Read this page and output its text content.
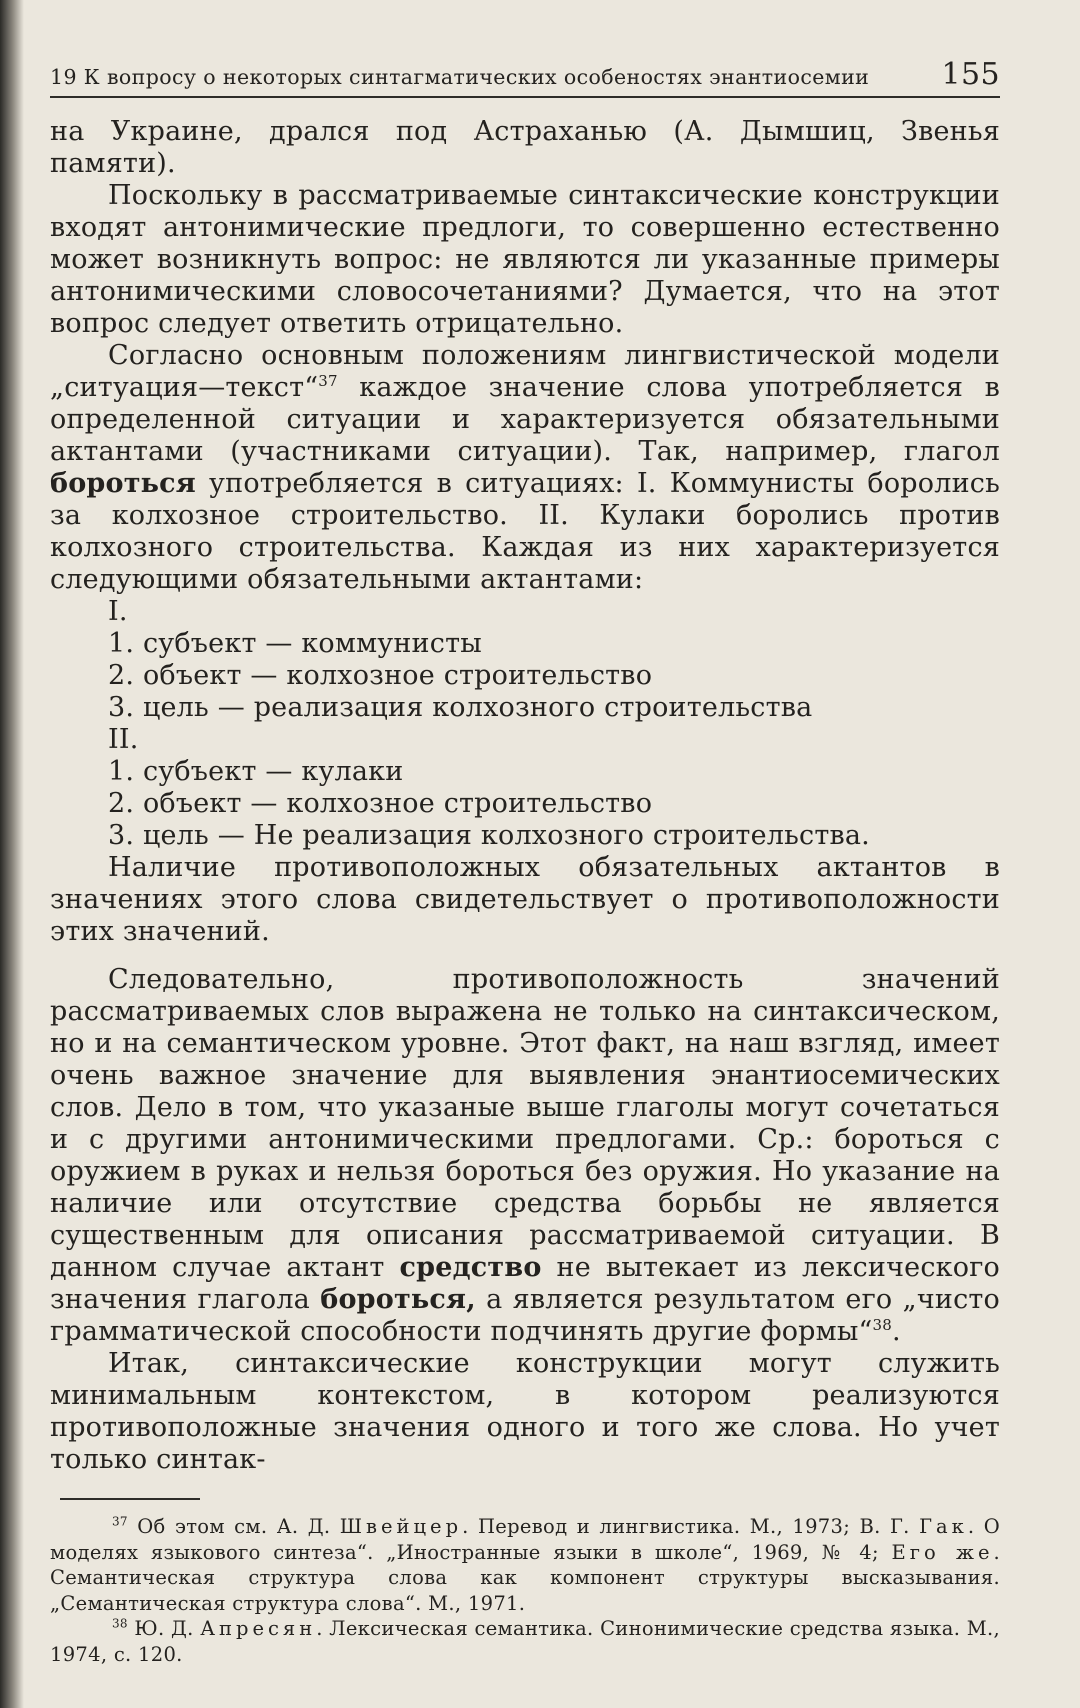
19 К вопросу о некоторых синтагматических особеностях энантиосемии 155

на Украине, дрался под Астраханью (А. Дымшиц, Звенья памяти).

Поскольку в рассматриваемые синтаксические конструкции входят антонимические предлоги, то совершенно естественно может возникнуть вопрос: не являются ли указанные примеры антонимическими словосочетаниями? Думается, что на этот вопрос следует ответить отрицательно.

Согласно основным положениям лингвистической модели „ситуация—текст“$^{37}$ каждое значение слова употребляется в определенной ситуации и характеризуется обязательными актантами (участниками ситуации). Так, например, глагол бороться употребляется в ситуациях: I. Коммунисты боролись за колхозное строительство. II. Кулаки боролись против колхозного строительства. Каждая из них характеризуется следующими обязательными актантами:

I.
1. субъект — коммунисты
2. объект — колхозное строительство
3. цель — реализация колхозного строительства
II.
1. субъект — кулаки
2. объект — колхозное строительство
3. цель — Не реализация колхозного строительства.

Наличие противоположных обязательных актантов в значениях этого слова свидетельствует о противоположности этих значений.

Следовательно, противоположность значений рассматриваемых слов выражена не только на синтаксическом, но и на семантическом уровне. Этот факт, на наш взгляд, имеет очень важное значение для выявления энантиосемических слов. Дело в том, что указаные выше глаголы могут сочетаться и с другими антонимическими предлогами. Ср.: бороться с оружием в руках и нельзя бороться без оружия. Но указание на наличие или отсутствие средства борьбы не является существенным для описания рассматриваемой ситуации. В данном случае актант средство не вытекает из лексического значения глагола бороться, а является результатом его „чисто грамматической способности подчинять другие формы“$^{38}$.

Итак, синтаксические конструкции могут служить минимальным контекстом, в котором реализуются противоположные значения одного и того же слова. Но учет только синтак-

$^{37}$ Об этом см. А. Д. Швейцер. Перевод и лингвистика. М., 1973; В. Г. Гак. О моделях языкового синтеза“. „Иностранные языки в школе“, 1969, № 4; Его же. Семантическая структура слова как компонент структуры высказывания. „Семантическая структура слова“. М., 1971.

$^{38}$ Ю. Д. Апресян. Лексическая семантика. Синонимические средства языка. М., 1974, с. 120.
